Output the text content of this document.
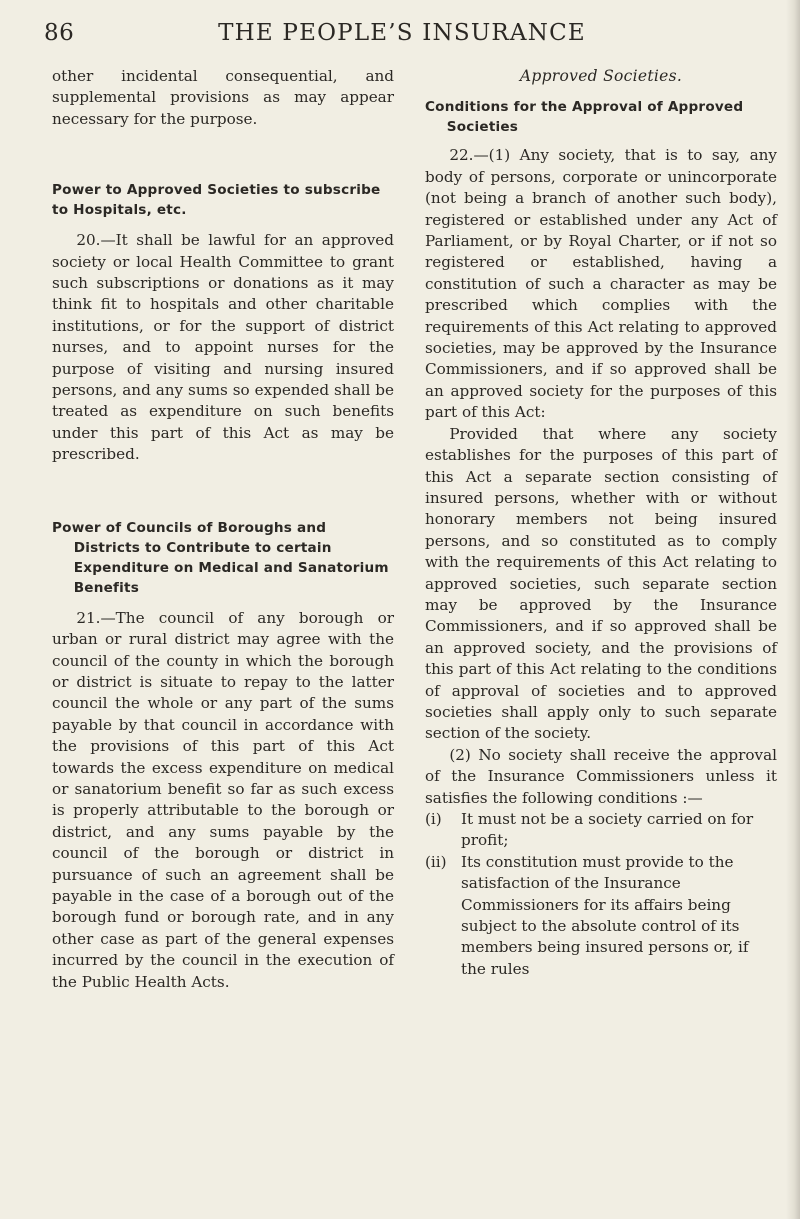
86	THE PEOPLE’S INSURANCE

other incidental consequential, and supplemental provisions as may appear necessary for the purpose.

Power to Approved Societies to subscribe to Hospitals, etc.

20.—It shall be lawful for an approved society or local Health Committee to grant such subscriptions or donations as it may think fit to hospitals and other charitable institutions, or for the support of district nurses, and to appoint nurses for the purpose of visiting and nursing insured persons, and any sums so expended shall be treated as expenditure on such benefits under this part of this Act as may be prescribed.

Power of Councils of Boroughs and Districts to Contribute to certain Expenditure on Medical and Sanatorium Benefits

21.—The council of any borough or urban or rural district may agree with the council of the county in which the borough or district is situate to repay to the latter council the whole or any part of the sums payable by that council in accordance with the provisions of this part of this Act towards the excess expenditure on medical or sanatorium benefit so far as such excess is properly attributable to the borough or district, and any sums payable by the council of the borough or district in pursuance of such an agreement shall be payable in the case of a borough out of the borough fund or borough rate, and in any other case as part of the general expenses incurred by the council in the execution of the Public Health Acts.

Approved Societies.

Conditions for the Approval of Approved Societies

22.—(1) Any society, that is to say, any body of persons, corporate or unincorporate (not being a branch of another such body), registered or established under any Act of Parliament, or by Royal Charter, or if not so registered or established, having a constitution of such a character as may be prescribed which complies with the requirements of this Act relating to approved societies, may be approved by the Insurance Commissioners, and if so approved shall be an approved society for the purposes of this part of this Act:

Provided that where any society establishes for the purposes of this part of this Act a separate section consisting of insured persons, whether with or without honorary members not being insured persons, and so constituted as to comply with the requirements of this Act relating to approved societies, such separate section may be approved by the Insurance Commissioners, and if so approved shall be an approved society, and the provisions of this part of this Act relating to the conditions of approval of societies and to approved societies shall apply only to such separate section of the society.

(2) No society shall receive the approval of the Insurance Commissioners unless it satisfies the following conditions :—

(i)	It must not be a society carried on for profit;
(ii) Its constitution must provide to the satisfaction of the Insurance Commissioners for its affairs being subject to the absolute control of its members being insured persons or, if the rules
